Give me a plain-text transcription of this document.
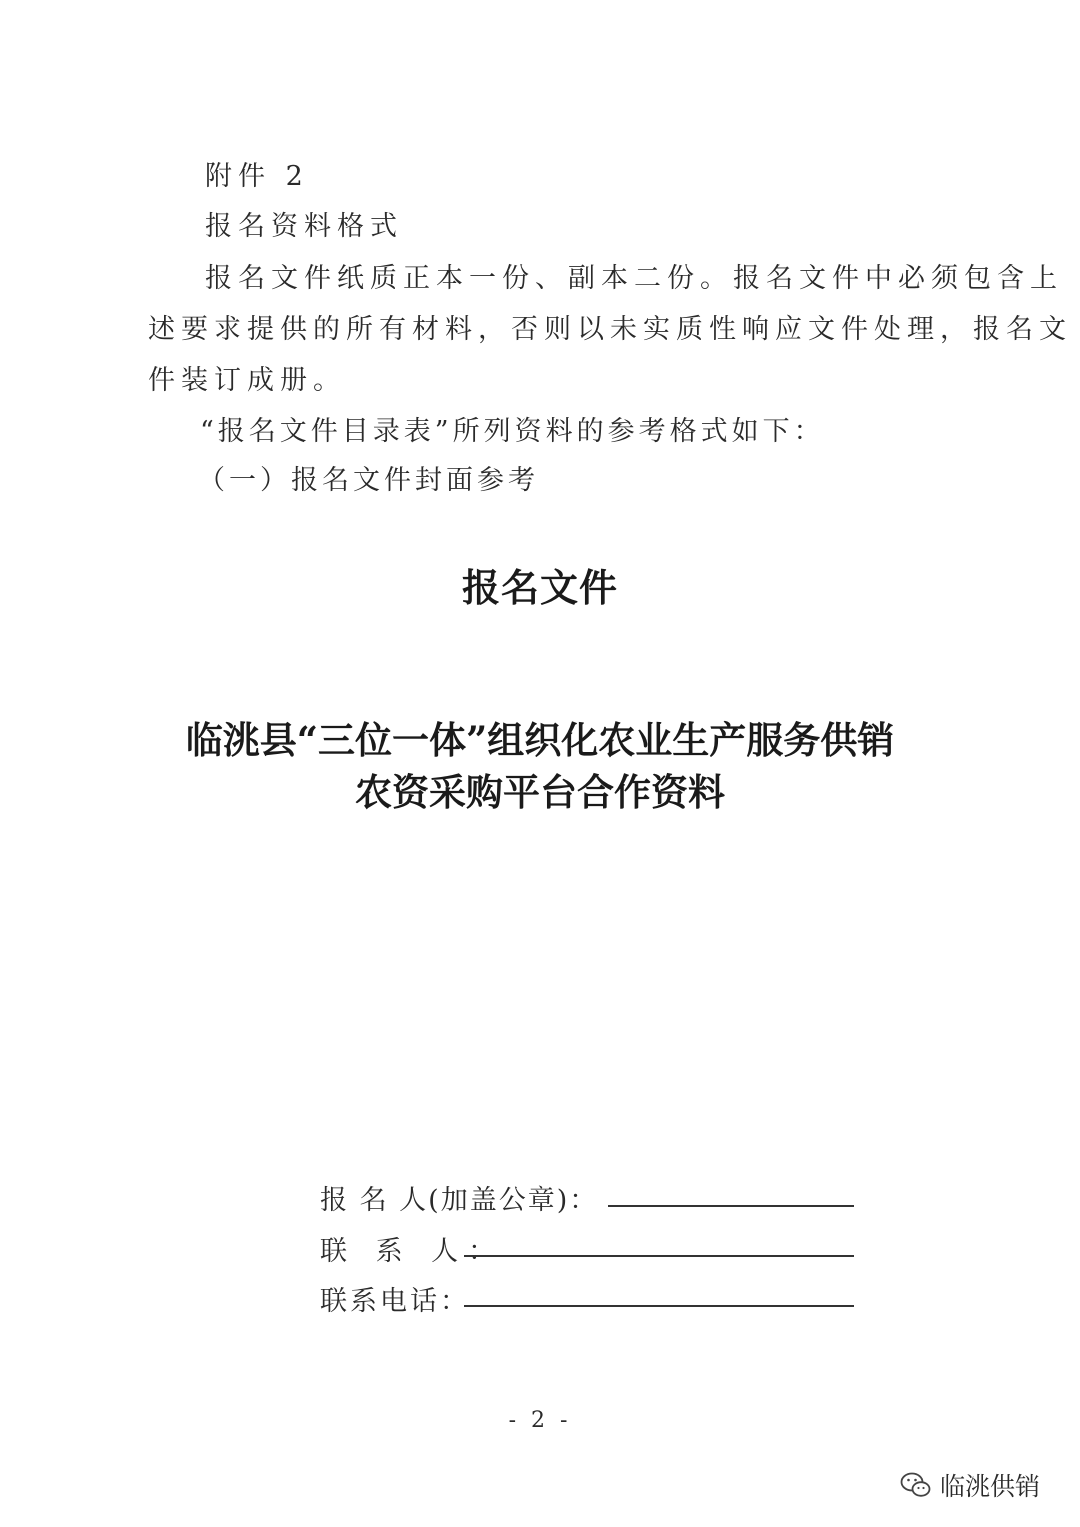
附件 2
报名资料格式
报名文件纸质正本一份、副本二份。报名文件中必须包含上
述要求提供的所有材料，否则以未实质性响应文件处理，报名文
件装订成册。
“报名文件目录表”所列资料的参考格式如下：
（一）报名文件封面参考
报名文件
临洮县“三位一体”组织化农业生产服务供销
农资采购平台合作资料
报 名 人(加盖公章)：
联 系 人：
联系电话：
- 2 -
临洮供销
